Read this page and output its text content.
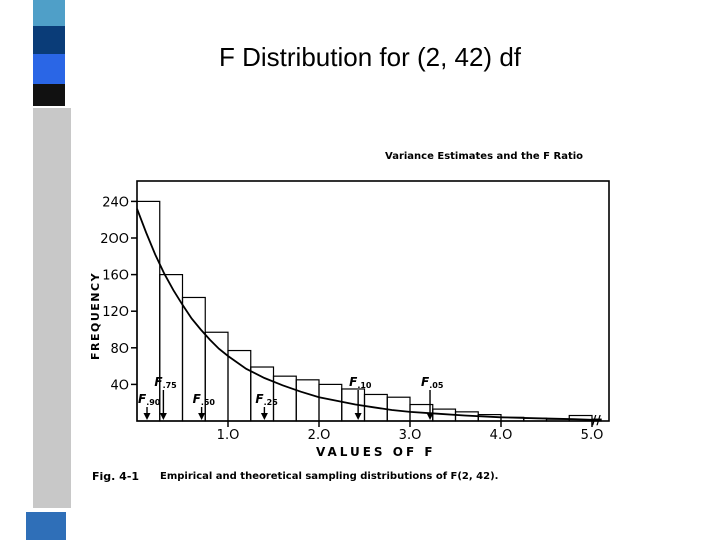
F Distribution for (2, 42) df
Variance Estimates and the F Ratio
4O
8O
12O
16O
2OO
24O
1.O	2.O	3.O	4.O	5.O
F.90
F.75
F.50	F.25
F.10	F.05
//
FREQUENCY
VALUES OF F
Fig. 4-1 Empirical and theoretical sampling distributions of F(2, 42).
